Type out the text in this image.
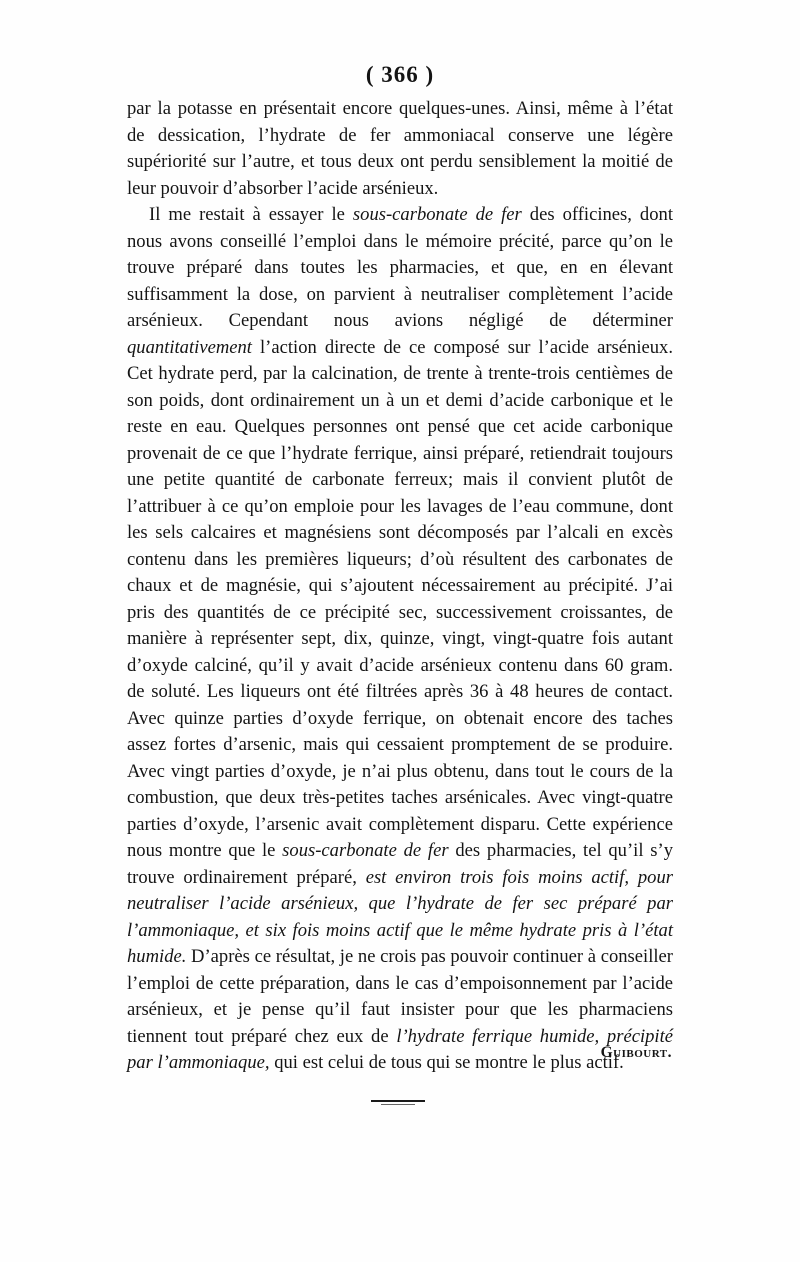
( 366 )

par la potasse en présentait encore quelques-unes. Ainsi, même à l’état de dessication, l’hydrate de fer ammoniacal conserve une légère supériorité sur l’autre, et tous deux ont perdu sensiblement la moitié de leur pouvoir d’absorber l’acide arsénieux.

Il me restait à essayer le sous-carbonate de fer des officines, dont nous avons conseillé l’emploi dans le mémoire précité, parce qu’on le trouve préparé dans toutes les pharmacies, et que, en en élevant suffisamment la dose, on parvient à neutraliser complètement l’acide arsénieux. Cependant nous avions négligé de déterminer quantitativement l’action directe de ce composé sur l’acide arsénieux. Cet hydrate perd, par la calcination, de trente à trente-trois centièmes de son poids, dont ordinairement un à un et demi d’acide carbonique et le reste en eau. Quelques personnes ont pensé que cet acide carbonique provenait de ce que l’hydrate ferrique, ainsi préparé, retiendrait toujours une petite quantité de carbonate ferreux; mais il convient plutôt de l’attribuer à ce qu’on emploie pour les lavages de l’eau commune, dont les sels calcaires et magnésiens sont décomposés par l’alcali en excès contenu dans les premières liqueurs; d’où résultent des carbonates de chaux et de magnésie, qui s’ajoutent nécessairement au précipité. J’ai pris des quantités de ce précipité sec, successivement croissantes, de manière à représenter sept, dix, quinze, vingt, vingt-quatre fois autant d’oxyde calciné, qu’il y avait d’acide arsénieux contenu dans 60 gram. de soluté. Les liqueurs ont été filtrées après 36 à 48 heures de contact. Avec quinze parties d’oxyde ferrique, on obtenait encore des taches assez fortes d’arsenic, mais qui cessaient promptement de se produire. Avec vingt parties d’oxyde, je n’ai plus obtenu, dans tout le cours de la combustion, que deux très-petites taches arsénicales. Avec vingt-quatre parties d’oxyde, l’arsenic avait complètement disparu. Cette expérience nous montre que le sous-carbonate de fer des pharmacies, tel qu’il s’y trouve ordinairement préparé, est environ trois fois moins actif, pour neutraliser l’acide arsénieux, que l’hydrate de fer sec préparé par l’ammoniaque, et six fois moins actif que le même hydrate pris à l’état humide. D’après ce résultat, je ne crois pas pouvoir continuer à conseiller l’emploi de cette préparation, dans le cas d’empoisonnement par l’acide arsénieux, et je pense qu’il faut insister pour que les pharmaciens tiennent tout préparé chez eux de l’hydrate ferrique humide, précipité par l’ammoniaque, qui est celui de tous qui se montre le plus actif.

Guibourt.
